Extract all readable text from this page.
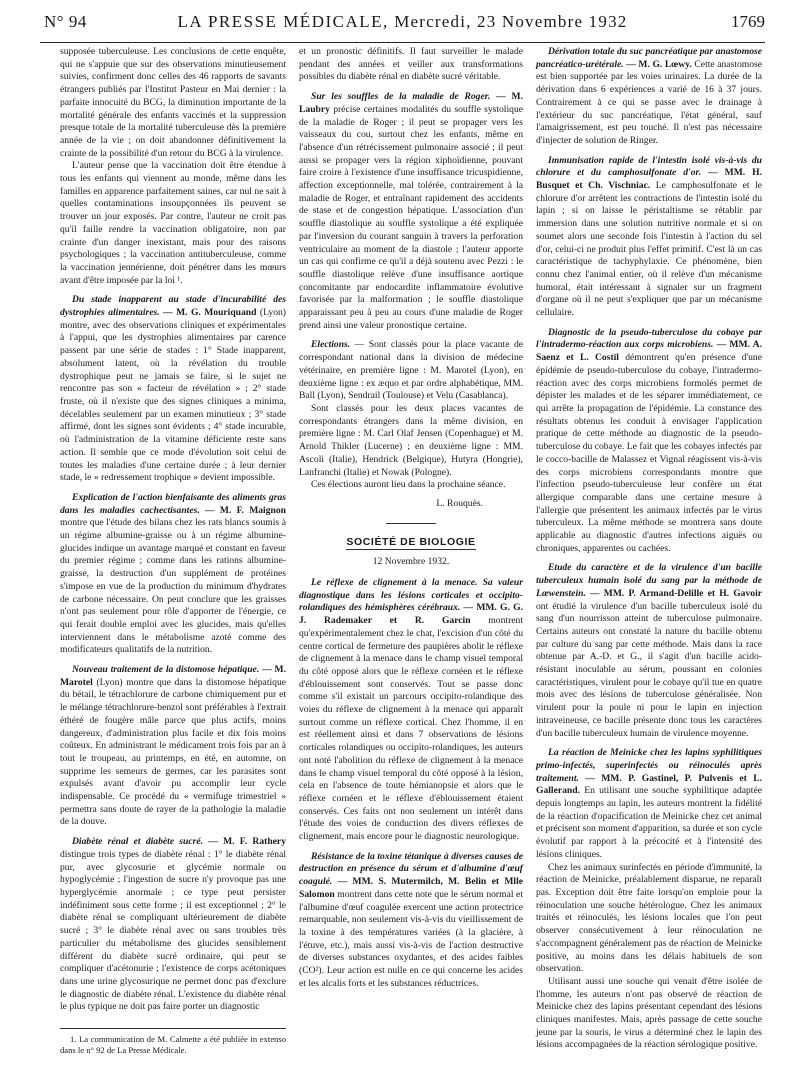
N° 94	LA PRESSE MÉDICALE, Mercredi, 23 Novembre 1932	1769

supposée tuberculeuse. Les conclusions de cette enquête, qui ne s'appuie que sur des observations minutieusement suivies, confirment donc celles des 46 rapports de savants étrangers publiés par l'Institut Pasteur en Mai dernier : la parfaite innocuité du BCG, la diminution importante de la mortalité générale des enfants vaccinés et la suppression presque totale de la mortalité tuberculeuse dès la première année de la vie ; on doit abandonner définitivement la crainte de la possibilité d'un retour du BCG à la virulence.

L'auteur pense que la vaccination doit être étendue à tous les enfants qui viennent au monde, même dans les familles en apparence parfaitement saines, car nul ne sait à quelles contaminations insoupçonnées ils peuvent se trouver un jour exposés. Par contre, l'auteur ne croit pas qu'il faille rendre la vaccination obligatoire, non par crainte d'un danger inexistant, mais pour des raisons psychologiques ; la vaccination antituberculeuse, comme la vaccination jennérienne, doit pénétrer dans les mœurs avant d'être imposée par la loi ¹.

Du stade inapparent au stade d'incurabilité des dystrophies alimentaires. — M. G. Mouriquand (Lyon) montre, avec des observations cliniques et expérimentales à l'appui, que les dystrophies alimentaires par carence passent par une série de stades : 1° Stade inapparent, absolument latent, où la révélation du trouble dystrophique peut ne jamais se faire, si le sujet ne rencontre pas son « facteur de révélation » ; 2° stade fruste, où il n'existe que des signes cliniques a minima, décelables seulement par un examen minutieux ; 3° stade affirmé, dont les signes sont évidents ; 4° stade incurable, où l'administration de la vitamine déficiente reste sans action. Il semble que ce mode d'évolution soit celui de toutes les maladies d'une certaine durée ; à leur dernier stade, le « redressement trophique » devient impossible.

Explication de l'action bienfaisante des aliments gras dans les maladies cachectisantes. — M. F. Maignon montre que l'étude des bilans chez les rats blancs soumis à un régime albumine-graisse ou à un régime albumine-glucides indique un avantage marqué et constant en faveur du premier régime ; comme dans les rations albumine-graisse, la destruction d'un supplément de protéines s'impose en vue de la production du minimum d'hydrates de carbone nécessaire. On peut conclure que les graisses n'ont pas seulement pour rôle d'apporter de l'énergie, ce qui ferait double emploi avec les glucides, mais qu'elles interviennent dans le métabolisme azoté comme des modificateurs qualitatifs de la nutrition.

Nouveau traitement de la distomose hépatique. — M. Marotel (Lyon) montre que dans la distomose hépatique du bétail, le tétrachlorure de carbone chimiquement pur et le mélange tétrachlorure-benzol sont préférables à l'extrait éthéré de fougère mâle parce que plus actifs, moins dangereux, d'administration plus facile et dix fois moins coûteux. En administrant le médicament trois fois par an à tout le troupeau, au printemps, en été, en automne, on supprime les semeurs de germes, car les parasites sont expulsés avant d'avoir pu accomplir leur cycle indispensable. Ce procédé du « vermifuge trimestriel » permettra sans doute de rayer de la pathologie la maladie de la douve.

Diabète rénal et diabète sucré. — M. F. Rathery distingue trois types de diabète rénal : 1° le diabète rénal pur, avec glycosurie et glycémie normale ou hypoglycémie ; l'ingestion de sucre n'y provoque pas une hyperglycémie anormale ; ce type peut persister indéfiniment sous cette forme ; il est exceptionnel ; 2° le diabète rénal se compliquant ultérieurement de diabète sucré ; 3° le diabète rénal avec ou sans troubles très particulier du métabolisme des glucides sensiblement différent du diabète sucré ordinaire, qui peut se compliquer d'acétonurie ; l'existence de corps acétoniques dans une urine glycosurique ne permet donc pas d'exclure le diagnostic de diabète rénal. L'existence du diabète rénal le plus typique ne doit pas faire porter un diagnostic

1. La communication de M. Calmette a été publiée in extenso dans le n° 92 de La Presse Médicale.

et un pronostic définitifs. Il faut surveiller le malade pendant des années et veiller aux transformations possibles du diabète rénal en diabète sucré véritable.

Sur les souffles de la maladie de Roger. — M. Laubry précise certaines modalités du souffle systolique de la maladie de Roger ; il peut se propager vers les vaisseaux du cou, surtout chez les enfants, même en l'absence d'un rétrécissement pulmonaire associé ; il peut aussi se propager vers la région xiphoïdienne, pouvant faire croire à l'existence d'une insuffisance tricuspidienne, affection exceptionnelle, mal tolérée, contrairement à la maladie de Roger, et entraînant rapidement des accidents de stase et de congestion hépatique. L'association d'un souffle diastolique au souffle systolique a été expliquée par l'inversion du courant sanguin à travers la perforation ventriculaire au moment de la diastole ; l'auteur apporte un cas qui confirme ce qu'il a déjà soutenu avec Pezzi : le souffle diastolique relève d'une insuffisance aortique concomitante par endocardite inflammatoire évolutive favorisée par la malformation ; le souffle diastolique apparaissant peu à peu au cours d'une maladie de Roger prend ainsi une valeur pronostique certaine.

Elections. — Sont classés pour la place vacante de correspondant national dans la division de médecine vétérinaire, en première ligne : M. Marotel (Lyon), en deuxième ligne : ex æquo et par ordre alphabétique, MM. Ball (Lyon), Sendrail (Toulouse) et Velu (Casablanca).

Sont classés pour les deux places vacantes de correspondants étrangers dans la même division, en première ligne : M. Carl Olaf Jensen (Copenhague) et M. Arnold Thikler (Lucerne) ; en deuxième ligne : MM. Ascoli (Italie), Hendrick (Belgique), Hutyra (Hongrie), Lanfranchi (Italie) et Nowak (Pologne).

Ces élections auront lieu dans la prochaine séance.

L. Rouquès.
SOCIÉTÉ DE BIOLOGIE
12 Novembre 1932.

Le réflexe de clignement à la menace. Sa valeur diagnostique dans les lésions corticales et occipito-rolandiques des hémisphères cérébraux. — MM. G. G. J. Rademaker et R. Garcin montrent qu'expérimentalement chez le chat, l'excision d'un côté du centre cortical de fermeture des paupières abolit le réflexe de clignement à la menace dans le champ visuel temporal du côté opposé alors que le réflexe cornéen et le réflexe d'éblouissement sont conservés. Tout se passe donc comme s'il existait un parcours occipito-rolandique des voies du réflexe de clignement à la menace qui apparaît surtout comme un réflexe cortical. Chez l'homme, il en est réellement ainsi et dans 7 observations de lésions corticales rolandiques ou occipito-rolandiques, les auteurs ont noté l'abolition du réflexe de clignement à la menace dans le champ visuel temporal du côté opposé à la lésion, cela en l'absence de toute hémianopsie et alors que le réflexe cornéen et le réflexe d'éblouissement étaient conservés. Ces faits ont non seulement un intérêt dans l'étude des voies de conduction des divers réflexes de clignement, mais encore pour le diagnostic neurologique.

Résistance de la toxine tétanique à diverses causes de destruction en présence du sérum et d'albumine d'œuf coagulé. — MM. S. Mutermilch, M. Belin et Mlle Salomon montrent dans cette note que le sérum normal et l'albumine d'œuf coagulée exercent une action protectrice remarquable, non seulement vis-à-vis du vieillissement de la toxine à des températures variées (à la glacière, à l'étuve, etc.), mais aussi vis-à-vis de l'action destructive de diverses substances oxydantes, et des acides faibles (CO²). Leur action est nulle en ce qui concerne les acides et les alcalis forts et les substances réductrices.

Dérivation totale du suc pancréatique par anastomose pancréatico-urétérale. — M. G. Lœwy. Cette anastomose est bien supportée par les voies urinaires. La durée de la dérivation dans 6 expériences a varié de 16 à 37 jours. Contrairement à ce qui se passe avec le drainage à l'extérieur du suc pancréatique, l'état général, sauf l'amaigrissement, est peu touché. Il n'est pas nécessaire d'injecter de solution de Ringer.

Immunisation rapide de l'intestin isolé vis-à-vis du chlorure et du camphosulfonate d'or. — MM. H. Busquet et Ch. Vischniac. Le camphosulfonate et le chlorure d'or arrêtent les contractions de l'intestin isolé du lapin ; si on laisse le péristaltisme se rétablir par immersion dans une solution nutritive normale et si on soumet alors une seconde fois l'intestin à l'action du sel d'or, celui-ci ne produit plus l'effet primitif. C'est là un cas caractéristique de tachyphylaxie. Ce phénomène, bien connu chez l'animal entier, où il relève d'un mécanisme humoral, était intéressant à signaler sur un fragment d'organe où il ne peut s'expliquer que par un mécanisme cellulaire.

Diagnostic de la pseudo-tuberculose du cobaye par l'intradermo-réaction aux corps microbiens. — MM. A. Saenz et L. Costil démontrent qu'en présence d'une épidémie de pseudo-tuberculose du cobaye, l'intradermo-réaction avec des corps microbiens formolés permet de dépister les malades et de les séparer immédiatement, ce qui arrête la propagation de l'épidémie. La constance des résultats obtenus les conduit à envisager l'application pratique de cette méthode au diagnostic de la pseudo-tuberculose du cobaye. Le fait que les cobayes infectés par le cocco-bacille de Malassez et Vignal réagissent vis-à-vis des corps microbiens correspondants montre que l'infection pseudo-tuberculeuse leur confère un état allergique comparable dans une certaine mesure à l'allergie que présentent les animaux infectés par le virus tuberculeux. La même méthode se montrera sans doute applicable au diagnostic d'autres infections aiguës ou chroniques, apparentes ou cachées.

Etude du caractère et de la virulence d'un bacille tuberculeux humain isolé du sang par la méthode de Lœwenstein. — MM. P. Armand-Delille et H. Gavoir ont étudié la virulence d'un bacille tuberculeux isolé du sang d'un nourrisson atteint de tuberculose pulmonaire. Certains auteurs ont constaté la nature du bacille obtenu par culture du sang par cette méthode. Mais dans la race obtenue par A.-D. et G., il s'agit d'un bacille acido-résistant inoculable au sérum, poussant en colonies caractéristiques, virulent pour le cobaye qu'il tue en quatre mois avec des lésions de tuberculose généralisée. Non virulent pour la poule ni pour le lapin en injection intraveineuse, ce bacille présente donc tous les caractères d'un bacille tuberculeux humain de virulence moyenne.

La réaction de Meinicke chez les lapins syphilitiques primo-infectés, superinfectés ou réinoculés après traitement. — MM. P. Gastinel, P. Pulvenis et L. Gallerand. En utilisant une souche syphilitique adaptée depuis longtemps au lapin, les auteurs montrent la fidélité de la réaction d'opacification de Meinicke chez cet animal et précisent son moment d'apparition, sa durée et son cycle évolutif par rapport à la précocité et à l'intensité des lésions cliniques.

Chez les animaux surinfectés en période d'immunité, la réaction de Meinicke, préalablement disparue, ne reparaît pas. Exception doit être faite lorsqu'on emploie pour la réinoculation une souche hétérologue. Chez les animaux traités et réinoculés, les lésions locales que l'on peut observer consécutivement à leur réinoculation ne s'accompagnent généralement pas de réaction de Meinicke positive, au moins dans les délais habituels de son observation.

Utilisant aussi une souche qui venait d'être isolée de l'homme, les auteurs n'ont pas observé de réaction de Meinicke chez des lapins présentant cependant des lésions cliniques manifestes. Mais, après passage de cette souche jeune par la souris, le virus a déterminé chez le lapin des lésions accompagnées de la réaction sérologique positive.
